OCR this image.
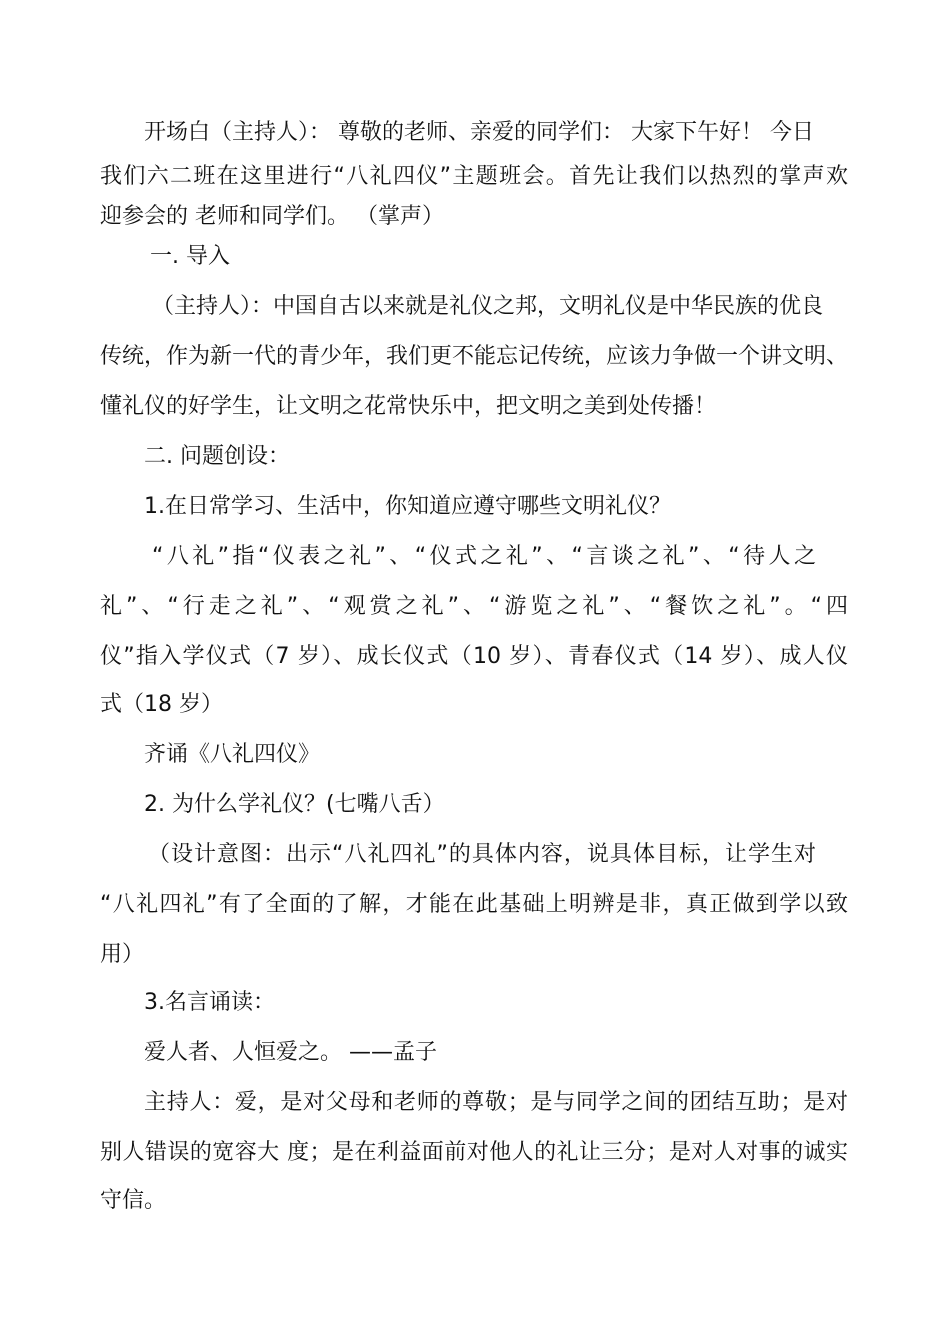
开场白（主持人）： 尊敬的老师、亲爱的同学们： 大家下午好！ 今日
我们六二班在这里进行“八礼四仪”主题班会。首先让我们以热烈的掌声欢
迎参会的 老师和同学们。 （掌声）
一. 导入
（主持人）：中国自古以来就是礼仪之邦，文明礼仪是中华民族的优良
传统，作为新一代的青少年，我们更不能忘记传统，应该力争做一个讲文明、
懂礼仪的好学生，让文明之花常快乐中，把文明之美到处传播！
二. 问题创设：
1.在日常学习、生活中，你知道应遵守哪些文明礼仪？
“八礼”指“仪表之礼”、“仪式之礼”、“言谈之礼”、“待人之
礼”、“行走之礼”、“观赏之礼”、“游览之礼”、“餐饮之礼”。“四
仪”指入学仪式（7 岁）、成长仪式（10 岁）、青春仪式（14 岁）、成人仪
式（18 岁）
齐诵《八礼四仪》
2. 为什么学礼仪？(七嘴八舌）
（设计意图：出示“八礼四礼”的具体内容，说具体目标，让学生对
“八礼四礼”有了全面的了解，才能在此基础上明辨是非，真正做到学以致
用）
3.名言诵读：
爱人者、人恒爱之。 ——孟子
主持人：爱，是对父母和老师的尊敬；是与同学之间的团结互助；是对
别人错误的宽容大 度；是在利益面前对他人的礼让三分；是对人对事的诚实
守信。
